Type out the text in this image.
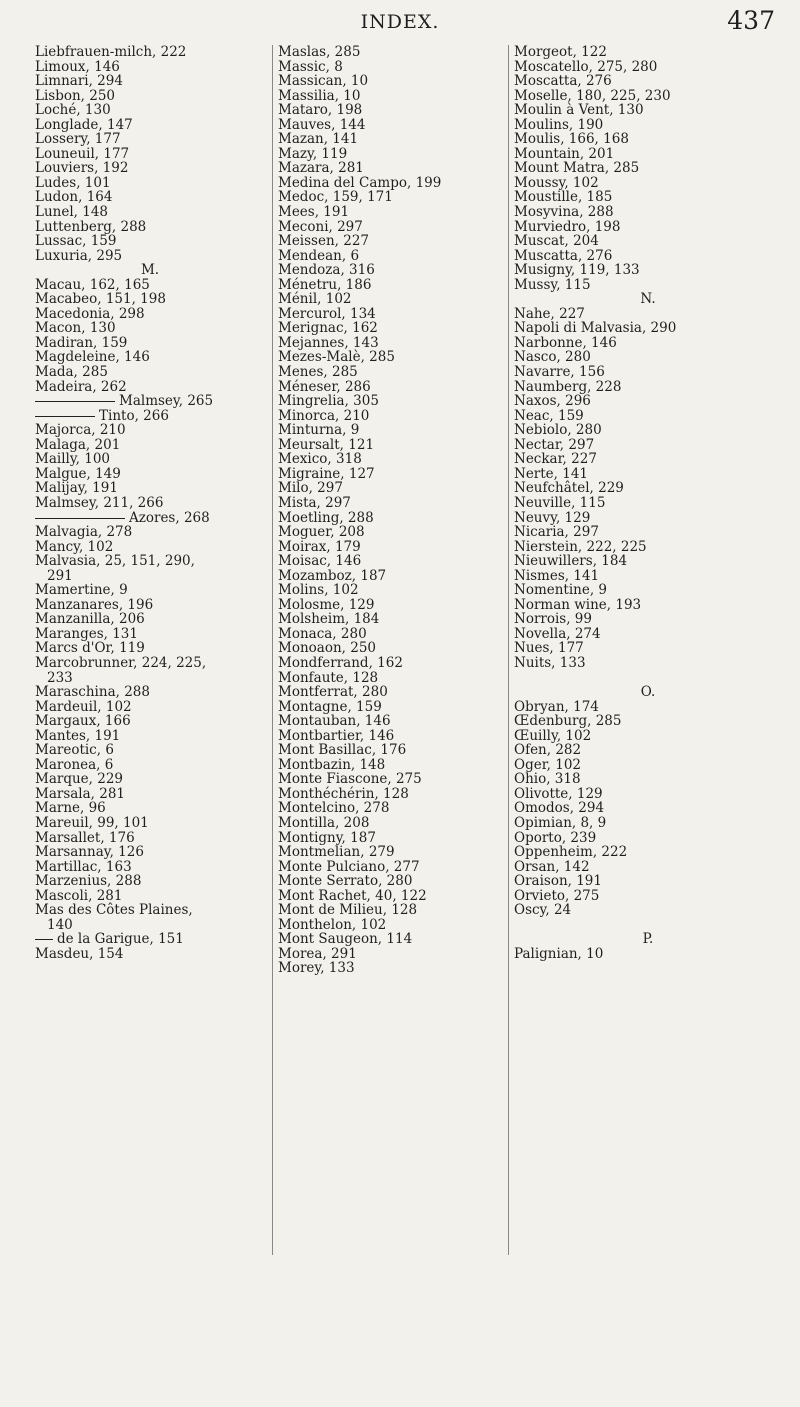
INDEX.	437
Liebfrauen-milch, 222
Limoux, 146
Limnari, 294
Lisbon, 250
Loché, 130
Longlade, 147
Lossery, 177
Louneuil, 177
Louviers, 192
Ludes, 101
Ludon, 164
Lunel, 148
Luttenberg, 288
Lussac, 159
Luxuria, 295
M.
Macau, 162, 165
Macabeo, 151, 198
Macedonia, 298
Macon, 130
Madiran, 159
Magdeleine, 146
Mada, 285
Madeira, 262
Malmsey, 265
Tinto, 266
Majorca, 210
Malaga, 201
Mailly, 100
Malgue, 149
Malijay, 191
Malmsey, 211, 266
Azores, 268
Malvagia, 278
Mancy, 102
Malvasia, 25, 151, 290,
291
Mamertine, 9
Manzanares, 196
Manzanilla, 206
Maranges, 131
Marcs d'Or, 119
Marcobrunner, 224, 225,
233
Maraschina, 288
Mardeuil, 102
Margaux, 166
Mantes, 191
Mareotic, 6
Maronea, 6
Marque, 229
Marsala, 281
Marne, 96
Mareuil, 99, 101
Marsallet, 176
Marsannay, 126
Martillac, 163
Marzenius, 288
Mascoli, 281
Mas des Côtes Plaines,
140
de la Garigue, 151
Masdeu, 154
Maslas, 285
Massic, 8
Massican, 10
Massilia, 10
Mataro, 198
Mauves, 144
Mazan, 141
Mazy, 119
Mazara, 281
Medina del Campo, 199
Medoc, 159, 171
Mees, 191
Meconi, 297
Meissen, 227
Mendean, 6
Mendoza, 316
Ménetru, 186
Ménil, 102
Mercurol, 134
Merignac, 162
Mejannes, 143
Mezes-Malè, 285
Menes, 285
Méneser, 286
Mingrelia, 305
Minorca, 210
Minturna, 9
Meursalt, 121
Mexico, 318
Migraine, 127
Milo, 297
Mista, 297
Moetling, 288
Moguer, 208
Moirax, 179
Moisac, 146
Mozamboz, 187
Molins, 102
Molosme, 129
Molsheim, 184
Monaca, 280
Monoaon, 250
Mondferrand, 162
Monfaute, 128
Montferrat, 280
Montagne, 159
Montauban, 146
Montbartier, 146
Mont Basillac, 176
Montbazin, 148
Monte Fiascone, 275
Monthéchérin, 128
Montelcino, 278
Montilla, 208
Montigny, 187
Montmelian, 279
Monte Pulciano, 277
Monte Serrato, 280
Mont Rachet, 40, 122
Mont de Milieu, 128
Monthelon, 102
Mont Saugeon, 114
Morea, 291
Morey, 133
Morgeot, 122
Moscatello, 275, 280
Moscatta, 276
Moselle, 180, 225, 230
Moulin à Vent, 130
Moulins, 190
Moulis, 166, 168
Mountain, 201
Mount Matra, 285
Moussy, 102
Moustille, 185
Mosyvina, 288
Murviedro, 198
Muscat, 204
Muscatta, 276
Musigny, 119, 133
Mussy, 115
N.
Nahe, 227
Napoli di Malvasia, 290
Narbonne, 146
Nasco, 280
Navarre, 156
Naumberg, 228
Naxos, 296
Neac, 159
Nebiolo, 280
Nectar, 297
Neckar, 227
Nerte, 141
Neufchâtel, 229
Neuville, 115
Neuvy, 129
Nicaria, 297
Nierstein, 222, 225
Nieuwillers, 184
Nismes, 141
Nomentine, 9
Norman wine, 193
Norrois, 99
Novella, 274
Nues, 177
Nuits, 133
O.
Obryan, 174
Œdenburg, 285
Œuilly, 102
Ofen, 282
Oger, 102
Ohio, 318
Olivotte, 129
Omodos, 294
Opimian, 8, 9
Oporto, 239
Oppenheim, 222
Orsan, 142
Oraison, 191
Orvieto, 275
Oscy, 24
P.
Palignian, 10
